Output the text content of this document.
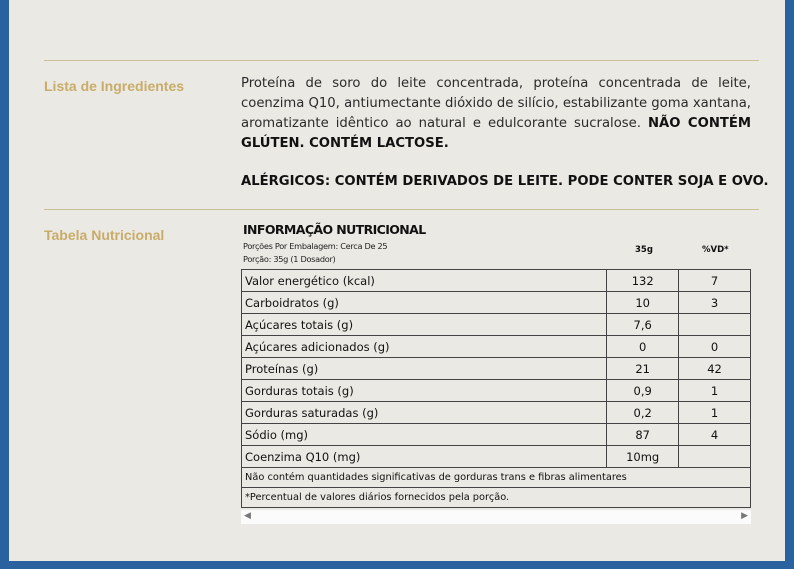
Lista de Ingredientes	Proteína de soro do leite concentrada, proteína concentrada de leite, coenzima Q10, antiumectante dióxido de silício, estabilizante goma xantana, aromatizante idêntico ao natural e edulcorante sucralose. NÃO CONTÉM GLÚTEN. CONTÉM LACTOSE.
ALÉRGICOS: CONTÉM DERIVADOS DE LEITE. PODE CONTER SOJA E OVO.
Tabela Nutricional	INFORMAÇÃO NUTRICIONAL
Porções Por Embalagem: Cerca De 25
Porção: 35g (1 Dosador)
35g	%VD*
Valor energético (kcal)	132	7
Carboidratos (g)	10	3
Açúcares totais (g)	7,6	
Açúcares adicionados (g)	0	0
Proteínas (g)	21	42
Gorduras totais (g)	0,9	1
Gorduras saturadas (g)	0,2	1
Sódio (mg)	87	4
Coenzima Q10 (mg)	10mg	
Não contém quantidades significativas de gorduras trans e fibras alimentares		
*Percentual de valores diários fornecidos pela porção.		
◀	▶
